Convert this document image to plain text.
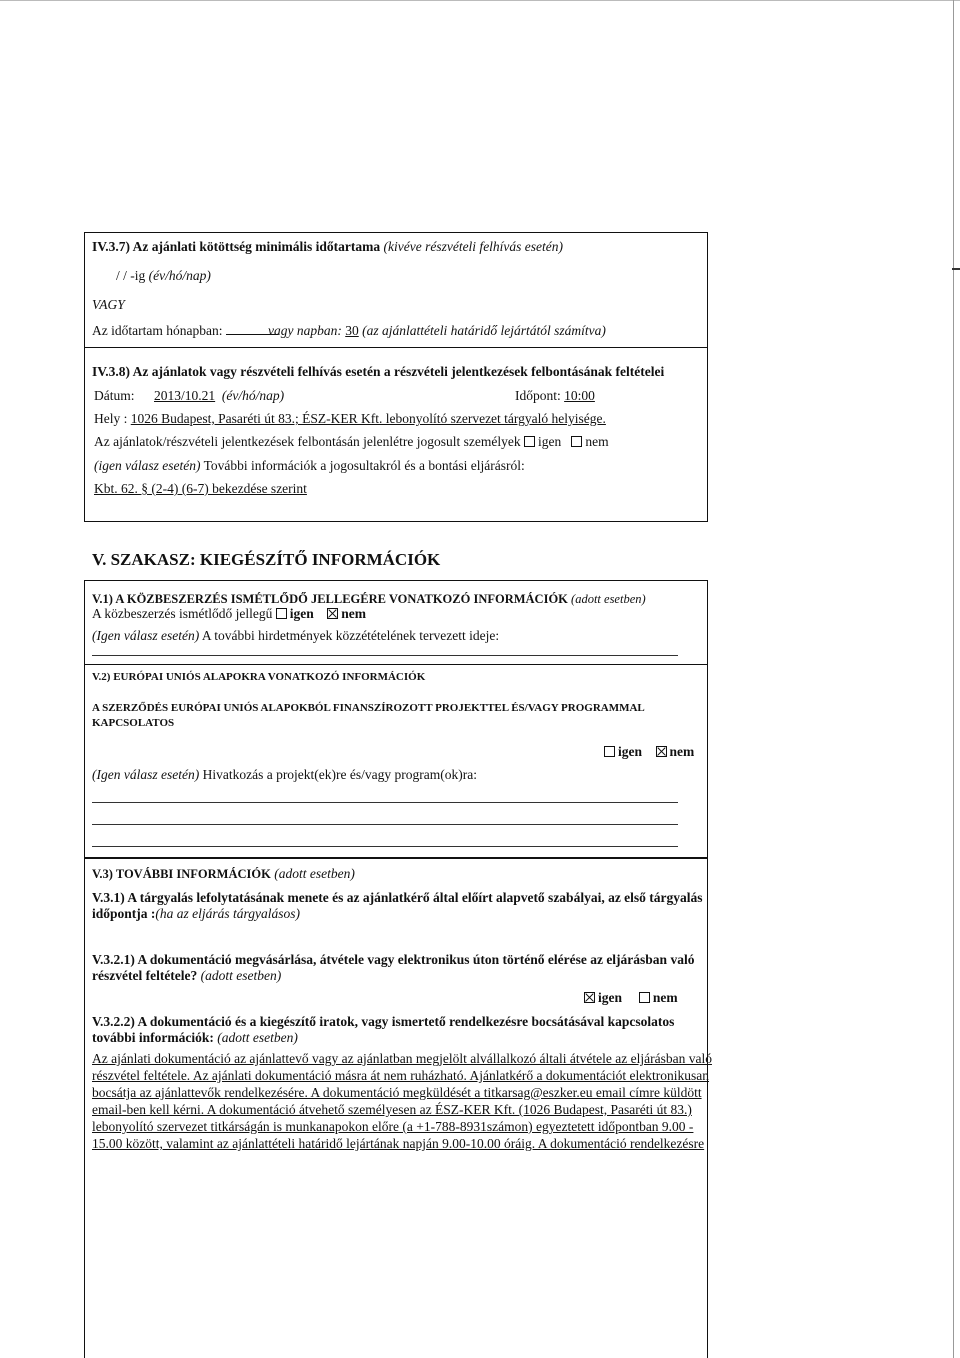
IV.3.7) Az ajánlati kötöttség minimális időtartama (kivéve részvételi felhívás esetén)
/ / -ig (év/hó/nap)
VAGY
Az időtartam hónapban:	vagy napban: 30 (az ajánlattételi határidő lejártától számítva)
IV.3.8) Az ajánlatok vagy részvételi felhívás esetén a részvételi jelentkezések felbontásának feltételei
Dátum: 2013/10.21 (év/hó/nap)	Időpont: 10:00
Hely : 1026 Budapest, Pasaréti út 83.; ÉSZ-KER Kft. lebonyolító szervezet tárgyaló helyisége.
Az ajánlatok/részvételi jelentkezések felbontásán jelenlétre jogosult személyek igen nem
(igen válasz esetén) További információk a jogosultakról és a bontási eljárásról:
Kbt. 62. § (2-4) (6-7) bekezdése szerint
V. SZAKASZ: KIEGÉSZÍTŐ INFORMÁCIÓK
V.1) A KÖZBESZERZÉS ISMÉTLŐDŐ JELLEGÉRE VONATKOZÓ INFORMÁCIÓK (adott esetben)
A közbeszerzés ismétlődő jellegű igen nem
(Igen válasz esetén) A további hirdetmények közzétételének tervezett ideje:
V.2) EURÓPAI UNIÓS ALAPOKRA VONATKOZÓ INFORMÁCIÓK
A SZERZŐDÉS EURÓPAI UNIÓS ALAPOKBÓL FINANSZÍROZOTT PROJEKTTEL ÉS/VAGY PROGRAMMAL
KAPCSOLATOS
igen nem
(Igen válasz esetén) Hivatkozás a projekt(ek)re és/vagy program(ok)ra:
V.3) TOVÁBBI INFORMÁCIÓK (adott esetben)
V.3.1) A tárgyalás lefolytatásának menete és az ajánlatkérő által előírt alapvető szabályai, az első tárgyalás
időpontja :(ha az eljárás tárgyalásos)
V.3.2.1) A dokumentáció megvásárlása, átvétele vagy elektronikus úton történő elérése az eljárásban való
részvétel feltétele? (adott esetben)
igen nem
V.3.2.2) A dokumentáció és a kiegészítő iratok, vagy ismertető rendelkezésre bocsátásával kapcsolatos
további információk: (adott esetben)
Az ajánlati dokumentáció az ajánlattevő vagy az ajánlatban megjelölt alvállalkozó általi átvétele az eljárásban való
részvétel feltétele. Az ajánlati dokumentáció másra át nem ruházható. Ajánlatkérő a dokumentációt elektronikusan
bocsátja az ajánlattevők rendelkezésére. A dokumentáció megküldését a titkarsag@eszker.eu email címre küldött
email-ben kell kérni. A dokumentáció átvehető személyesen az ÉSZ-KER Kft. (1026 Budapest, Pasaréti út 83.)
lebonyolító szervezet titkárságán is munkanapokon előre (a +1-788-8931számon) egyeztetett időpontban 9.00 -
15.00 között, valamint az ajánlattételi határidő lejártának napján 9.00-10.00 óráig. A dokumentáció rendelkezésre
